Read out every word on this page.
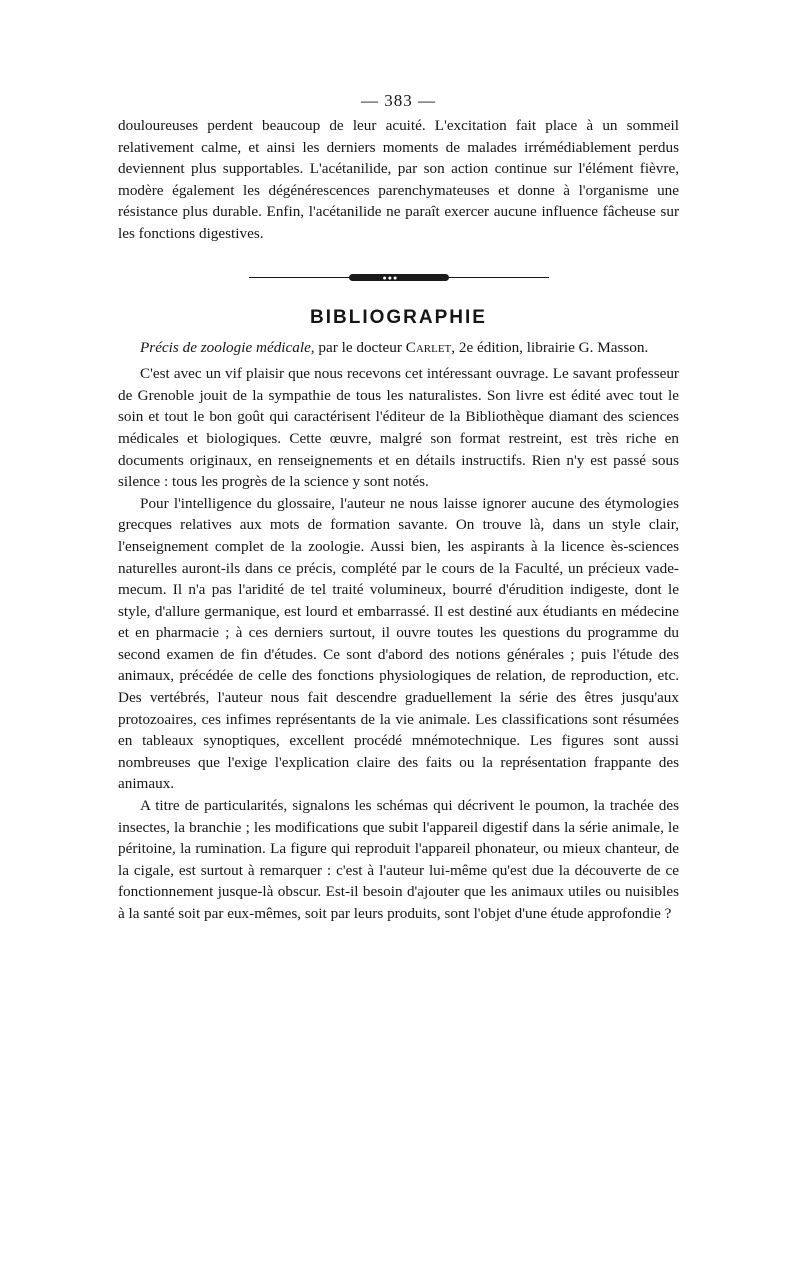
— 383 —

douloureuses perdent beaucoup de leur acuité. L'excitation fait place à un sommeil relativement calme, et ainsi les derniers moments de malades irrémédiablement perdus deviennent plus supportables. L'acétanilide, par son action continue sur l'élément fièvre, modère également les dégénérescences parenchymateuses et donne à l'organisme une résistance plus durable. Enfin, l'acétanilide ne paraît exercer aucune influence fâcheuse sur les fonctions digestives.

●●●
BIBLIOGRAPHIE

Précis de zoologie médicale, par le docteur Carlet, 2e édition, librairie G. Masson.

C'est avec un vif plaisir que nous recevons cet intéressant ouvrage. Le savant professeur de Grenoble jouit de la sympathie de tous les naturalistes. Son livre est édité avec tout le soin et tout le bon goût qui caractérisent l'éditeur de la Bibliothèque diamant des sciences médicales et biologiques. Cette œuvre, malgré son format restreint, est très riche en documents originaux, en renseignements et en détails instructifs. Rien n'y est passé sous silence : tous les progrès de la science y sont notés.

Pour l'intelligence du glossaire, l'auteur ne nous laisse ignorer aucune des étymologies grecques relatives aux mots de formation savante. On trouve là, dans un style clair, l'enseignement complet de la zoologie. Aussi bien, les aspirants à la licence ès-sciences naturelles auront-ils dans ce précis, complété par le cours de la Faculté, un précieux vade-mecum. Il n'a pas l'aridité de tel traité volumineux, bourré d'érudition indigeste, dont le style, d'allure germanique, est lourd et embarrassé. Il est destiné aux étudiants en médecine et en pharmacie ; à ces derniers surtout, il ouvre toutes les questions du programme du second examen de fin d'études. Ce sont d'abord des notions générales ; puis l'étude des animaux, précédée de celle des fonctions physiologiques de relation, de reproduction, etc. Des vertébrés, l'auteur nous fait descendre graduellement la série des êtres jusqu'aux protozoaires, ces infimes représentants de la vie animale. Les classifications sont résumées en tableaux synoptiques, excellent procédé mnémotechnique. Les figures sont aussi nombreuses que l'exige l'explication claire des faits ou la représentation frappante des animaux.

A titre de particularités, signalons les schémas qui décrivent le poumon, la trachée des insectes, la branchie ; les modifications que subit l'appareil digestif dans la série animale, le péritoine, la rumination. La figure qui reproduit l'appareil phonateur, ou mieux chanteur, de la cigale, est surtout à remarquer : c'est à l'auteur lui-même qu'est due la découverte de ce fonctionnement jusque-là obscur. Est-il besoin d'ajouter que les animaux utiles ou nuisibles à la santé soit par eux-mêmes, soit par leurs produits, sont l'objet d'une étude approfondie ?
